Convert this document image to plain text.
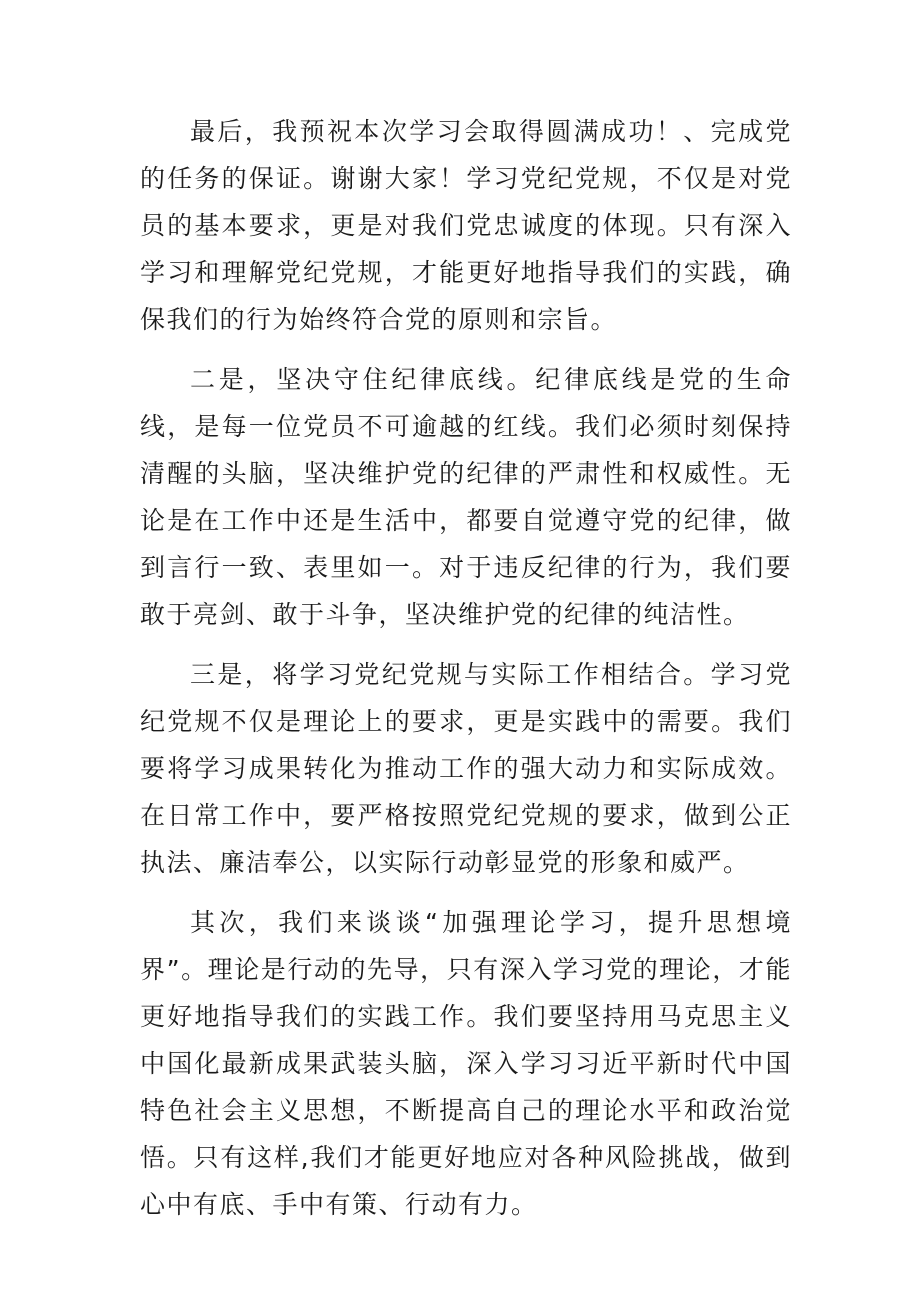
最后，我预祝本次学习会取得圆满成功！、完成党的任务的保证。谢谢大家！学习党纪党规，不仅是对党员的基本要求，更是对我们党忠诚度的体现。只有深入学习和理解党纪党规，才能更好地指导我们的实践，确保我们的行为始终符合党的原则和宗旨。

二是，坚决守住纪律底线。纪律底线是党的生命线，是每一位党员不可逾越的红线。我们必须时刻保持清醒的头脑，坚决维护党的纪律的严肃性和权威性。无论是在工作中还是生活中，都要自觉遵守党的纪律，做到言行一致、表里如一。对于违反纪律的行为，我们要敢于亮剑、敢于斗争，坚决维护党的纪律的纯洁性。

三是，将学习党纪党规与实际工作相结合。学习党纪党规不仅是理论上的要求，更是实践中的需要。我们要将学习成果转化为推动工作的强大动力和实际成效。在日常工作中，要严格按照党纪党规的要求，做到公正执法、廉洁奉公，以实际行动彰显党的形象和威严。

其次，我们来谈谈“加强理论学习，提升思想境界”。理论是行动的先导，只有深入学习党的理论，才能更好地指导我们的实践工作。我们要坚持用马克思主义中国化最新成果武装头脑，深入学习习近平新时代中国特色社会主义思想，不断提高自己的理论水平和政治觉悟。只有这样,我们才能更好地应对各种风险挑战，做到心中有底、手中有策、行动有力。
